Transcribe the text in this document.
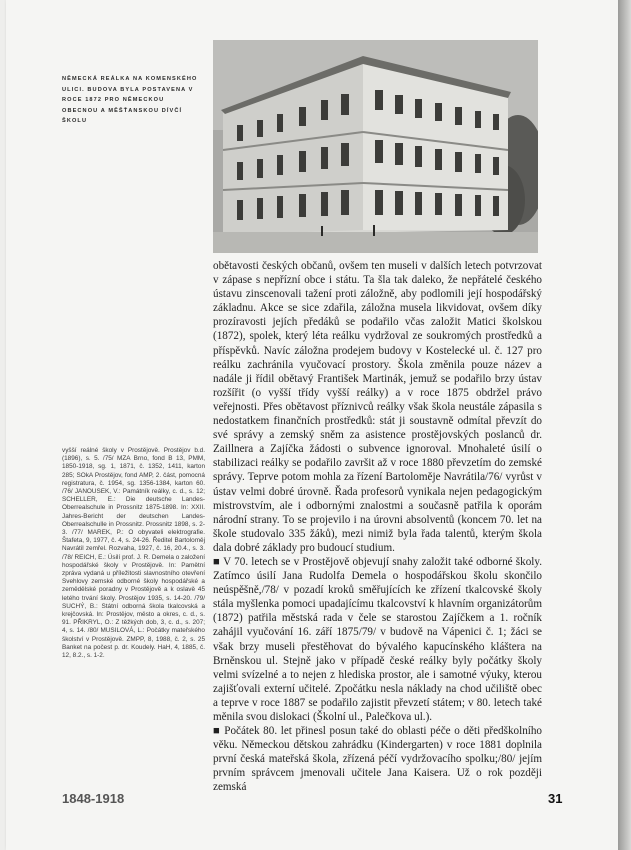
NĚMECKÁ REÁLKA NA KOMENSKÉHO ULICI. BUDOVA BYLA POSTAVENA V ROCE 1872 PRO NĚMECKOU OBECNOU A MĚŠŤANSKOU DÍVČÍ ŠKOLU

obětavosti českých občanů, ovšem ten museli v dalších letech potvrzovat v zápase s nepřízní obce i státu. Ta šla tak daleko, že nepřátelé českého ústavu zinscenovali tažení proti záložně, aby podlomili její hospodářský základnu. Akce se sice zdařila, záložna musela likvidovat, ovšem díky prozíravosti jejích předáků se podařilo včas založit Matici školskou (1872), spolek, který léta reálku vydržoval ze soukromých prostředků a příspěvků. Navíc záložna prodejem budovy v Kostelecké ul. č. 127 pro reálku zachránila vyučovací prostory. Škola změnila pouze název a nadále ji řídil obětavý František Martinák, jemuž se podařilo brzy ústav rozšířit (o vyšší třídy vyšší reálky) a v roce 1875 obdržel právo veřejnosti. Přes obětavost příznivců reálky však škola neustále zápasila s nedostatkem finančních prostředků: stát ji soustavně odmítal převzít do své správy a zemský sněm za asistence prostějovských poslanců dr. Zaillnera a Zajíčka žádosti o subvence ignoroval. Mnohaleté úsilí o stabilizaci reálky se podařilo završit až v roce 1880 převzetím do zemské správy. Teprve potom mohla za řízení Bartoloměje Navrátila/76/ vyrůst v ústav velmi dobré úrovně. Řada profesorů vynikala nejen pedagogickým mistrovstvím, ale i odbornými znalostmi a současně patřila k oporám národní strany. To se projevilo i na úrovni absolventů (koncem 70. let na škole studovalo 335 žáků), mezi nimiž byla řada talentů, kterým škola dala dobré základy pro budoucí studium.

■ V 70. letech se v Prostějově objevují snahy založit také odborné školy. Zatímco úsilí Jana Rudolfa Demela o hospodářskou školu skončilo neúspěšně,/78/ v pozadí kroků směřujících ke zřízení tkalcovské školy stála myšlenka pomoci upadajícímu tkalcovství k hlavním organizátorům (1872) patřila městská rada v čele se starostou Zajíčkem a 1. ročník zahájil vyučování 16. září 1875/79/ v budově na Vápenici č. 1; žáci se však brzy museli přestěhovat do bývalého kapucínského kláštera na Brněnskou ul. Stejně jako v případě české reálky byly počátky školy velmi svízelné a to nejen z hlediska prostor, ale i samotné výuky, kterou zajišťovali externí učitelé. Zpočátku nesla náklady na chod učiliště obec a teprve v roce 1887 se podařilo zajistit převzetí státem; v 80. letech také měnila svou dislokaci (Školní ul., Palečkova ul.).

■ Počátek 80. let přinesl posun také do oblasti péče o děti předškolního věku. Německou dětskou zahrádku (Kindergarten) v roce 1881 doplnila první česká mateřská škola, zřízená péčí vydržovacího spolku;/80/ jejím prvním správcem jmenovali učitele Jana Kaisera. Už o rok později zemská

vyšší reálné školy v Prostějově. Prostějov b.d. (1896), s. 5. /75/ MZA Brno, fond B 13, PMM, 1850-1918, sg. 1, 1871, č. 1352, 1411, karton 285; SOkA Prostějov, fond AMP, 2. část, pomocná registratura, č. 1954, sg. 1356-1384, karton 60. /76/ JANOUSEK, V.: Památník reálky, c. d., s. 12; SCHELLER, E.: Die deutsche Landes-Oberrealschule in Prossnitz 1875-1898. In: XXII. Jahres-Bericht der deutschen Landes-Oberrealschulle in Prossnitz. Prossnitz 1898, s. 2-3. /77/ MAREK, P.: O obyvateli elektrografie. Štafeta, 9, 1977, č. 4, s. 24-26. Ředitel Bartoloměj Navrátil zemřel. Rozvaha, 1927, č. 16, 20.4., s. 3. /78/ REICH, E.: Úsilí prof. J. R. Demela o založení hospodářské školy v Prostějově. In: Pamětní zpráva vydaná u příležitosti slavnostního otevření Svehlovy zemské odborné školy hospodářské a zemědělské poradny v Prostějově a k oslavě 45 letého trvání školy. Prostějov 1935, s. 14-20. /79/ SUCHÝ, B.: Státní odborná škola tkalcovská a krejčovská. In: Prostějov, město a okres, c. d., s. 91. PŘIKRYL, O.: Z těžkých dob, 3, c. d., s. 207; 4, s. 14. /80/ MUSILOVÁ, L.: Počátky mateřského školství v Prostějově. ZMPP, 8, 1988, č. 2, s. 25 Banket na počest p. dr. Koudely. HaH, 4, 1885, č. 12, 8.2., s. 1-2.
1848-1918	31
